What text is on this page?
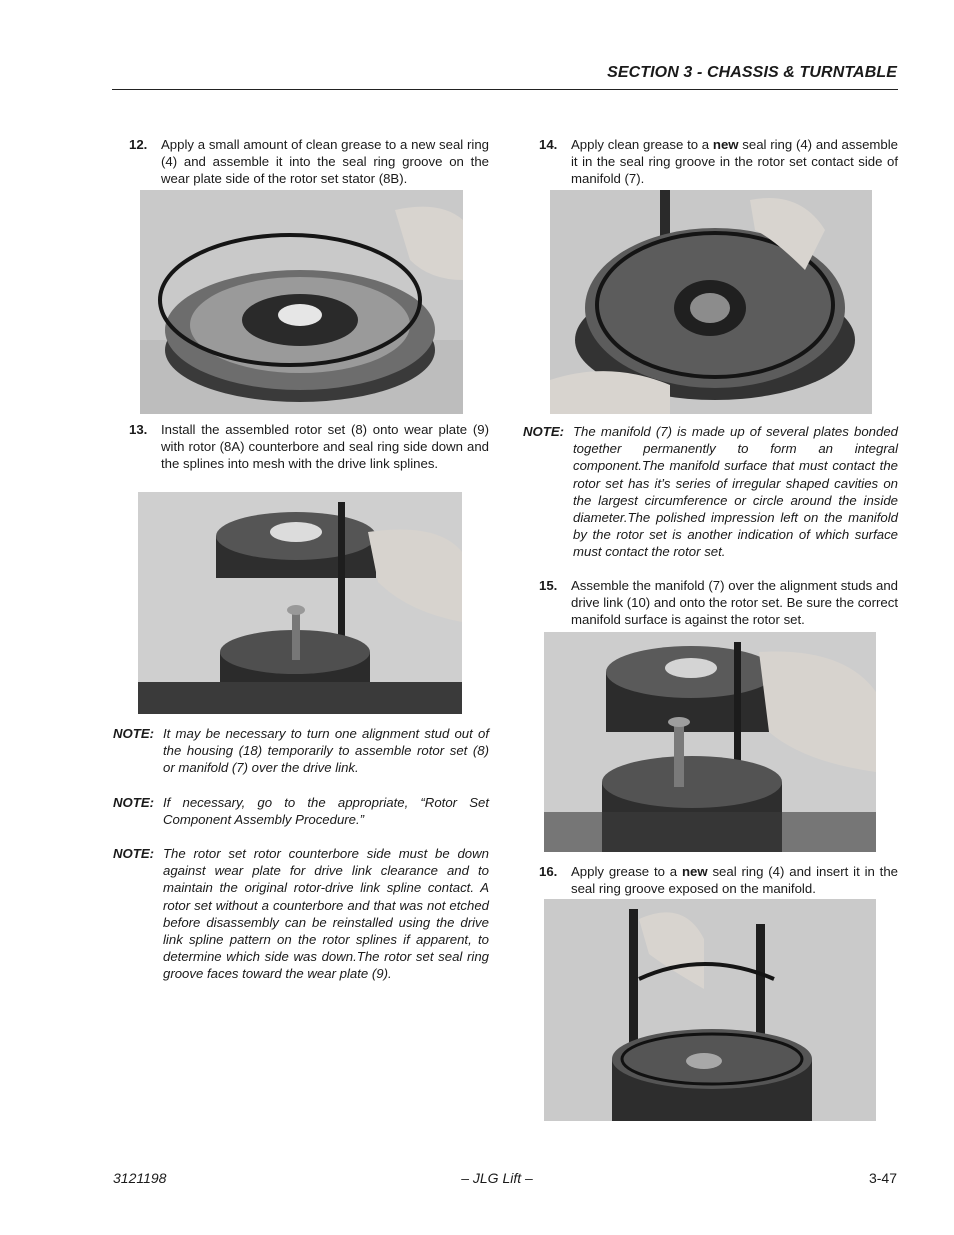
SECTION 3 - CHASSIS & TURNTABLE
12. Apply a small amount of clean grease to a new seal ring (4) and assemble it into the seal ring groove on the wear plate side of the rotor set stator (8B).

13. Install the assembled rotor set (8) onto wear plate (9) with rotor (8A) counterbore and seal ring side down and the splines into mesh with the drive link splines.

NOTE: It may be necessary to turn one alignment stud out of the housing (18) temporarily to assemble rotor set (8) or manifold (7) over the drive link.

NOTE: If necessary, go to the appropriate, “Rotor Set Component Assembly Procedure.”

NOTE: The rotor set rotor counterbore side must be down against wear plate for drive link clearance and to maintain the original rotor-drive link spline contact. A rotor set without a counterbore and that was not etched before disassembly can be reinstalled using the drive link spline pattern on the rotor splines if apparent, to determine which side was down.The rotor set seal ring groove faces toward the wear plate (9).

14. Apply clean grease to a new seal ring (4) and assemble it in the seal ring groove in the rotor set contact side of manifold (7).

NOTE: The manifold (7) is made up of several plates bonded together permanently to form an integral component.The manifold surface that must contact the rotor set has it’s series of irregular shaped cavities on the largest circumference or circle around the inside diameter.The polished impression left on the manifold by the rotor set is another indication of which surface must contact the rotor set.

15. Assemble the manifold (7) over the alignment studs and drive link (10) and onto the rotor set. Be sure the correct manifold surface is against the rotor set.

16. Apply grease to a new seal ring (4) and insert it in the seal ring groove exposed on the manifold.

3121198	– JLG Lift –	3-47
